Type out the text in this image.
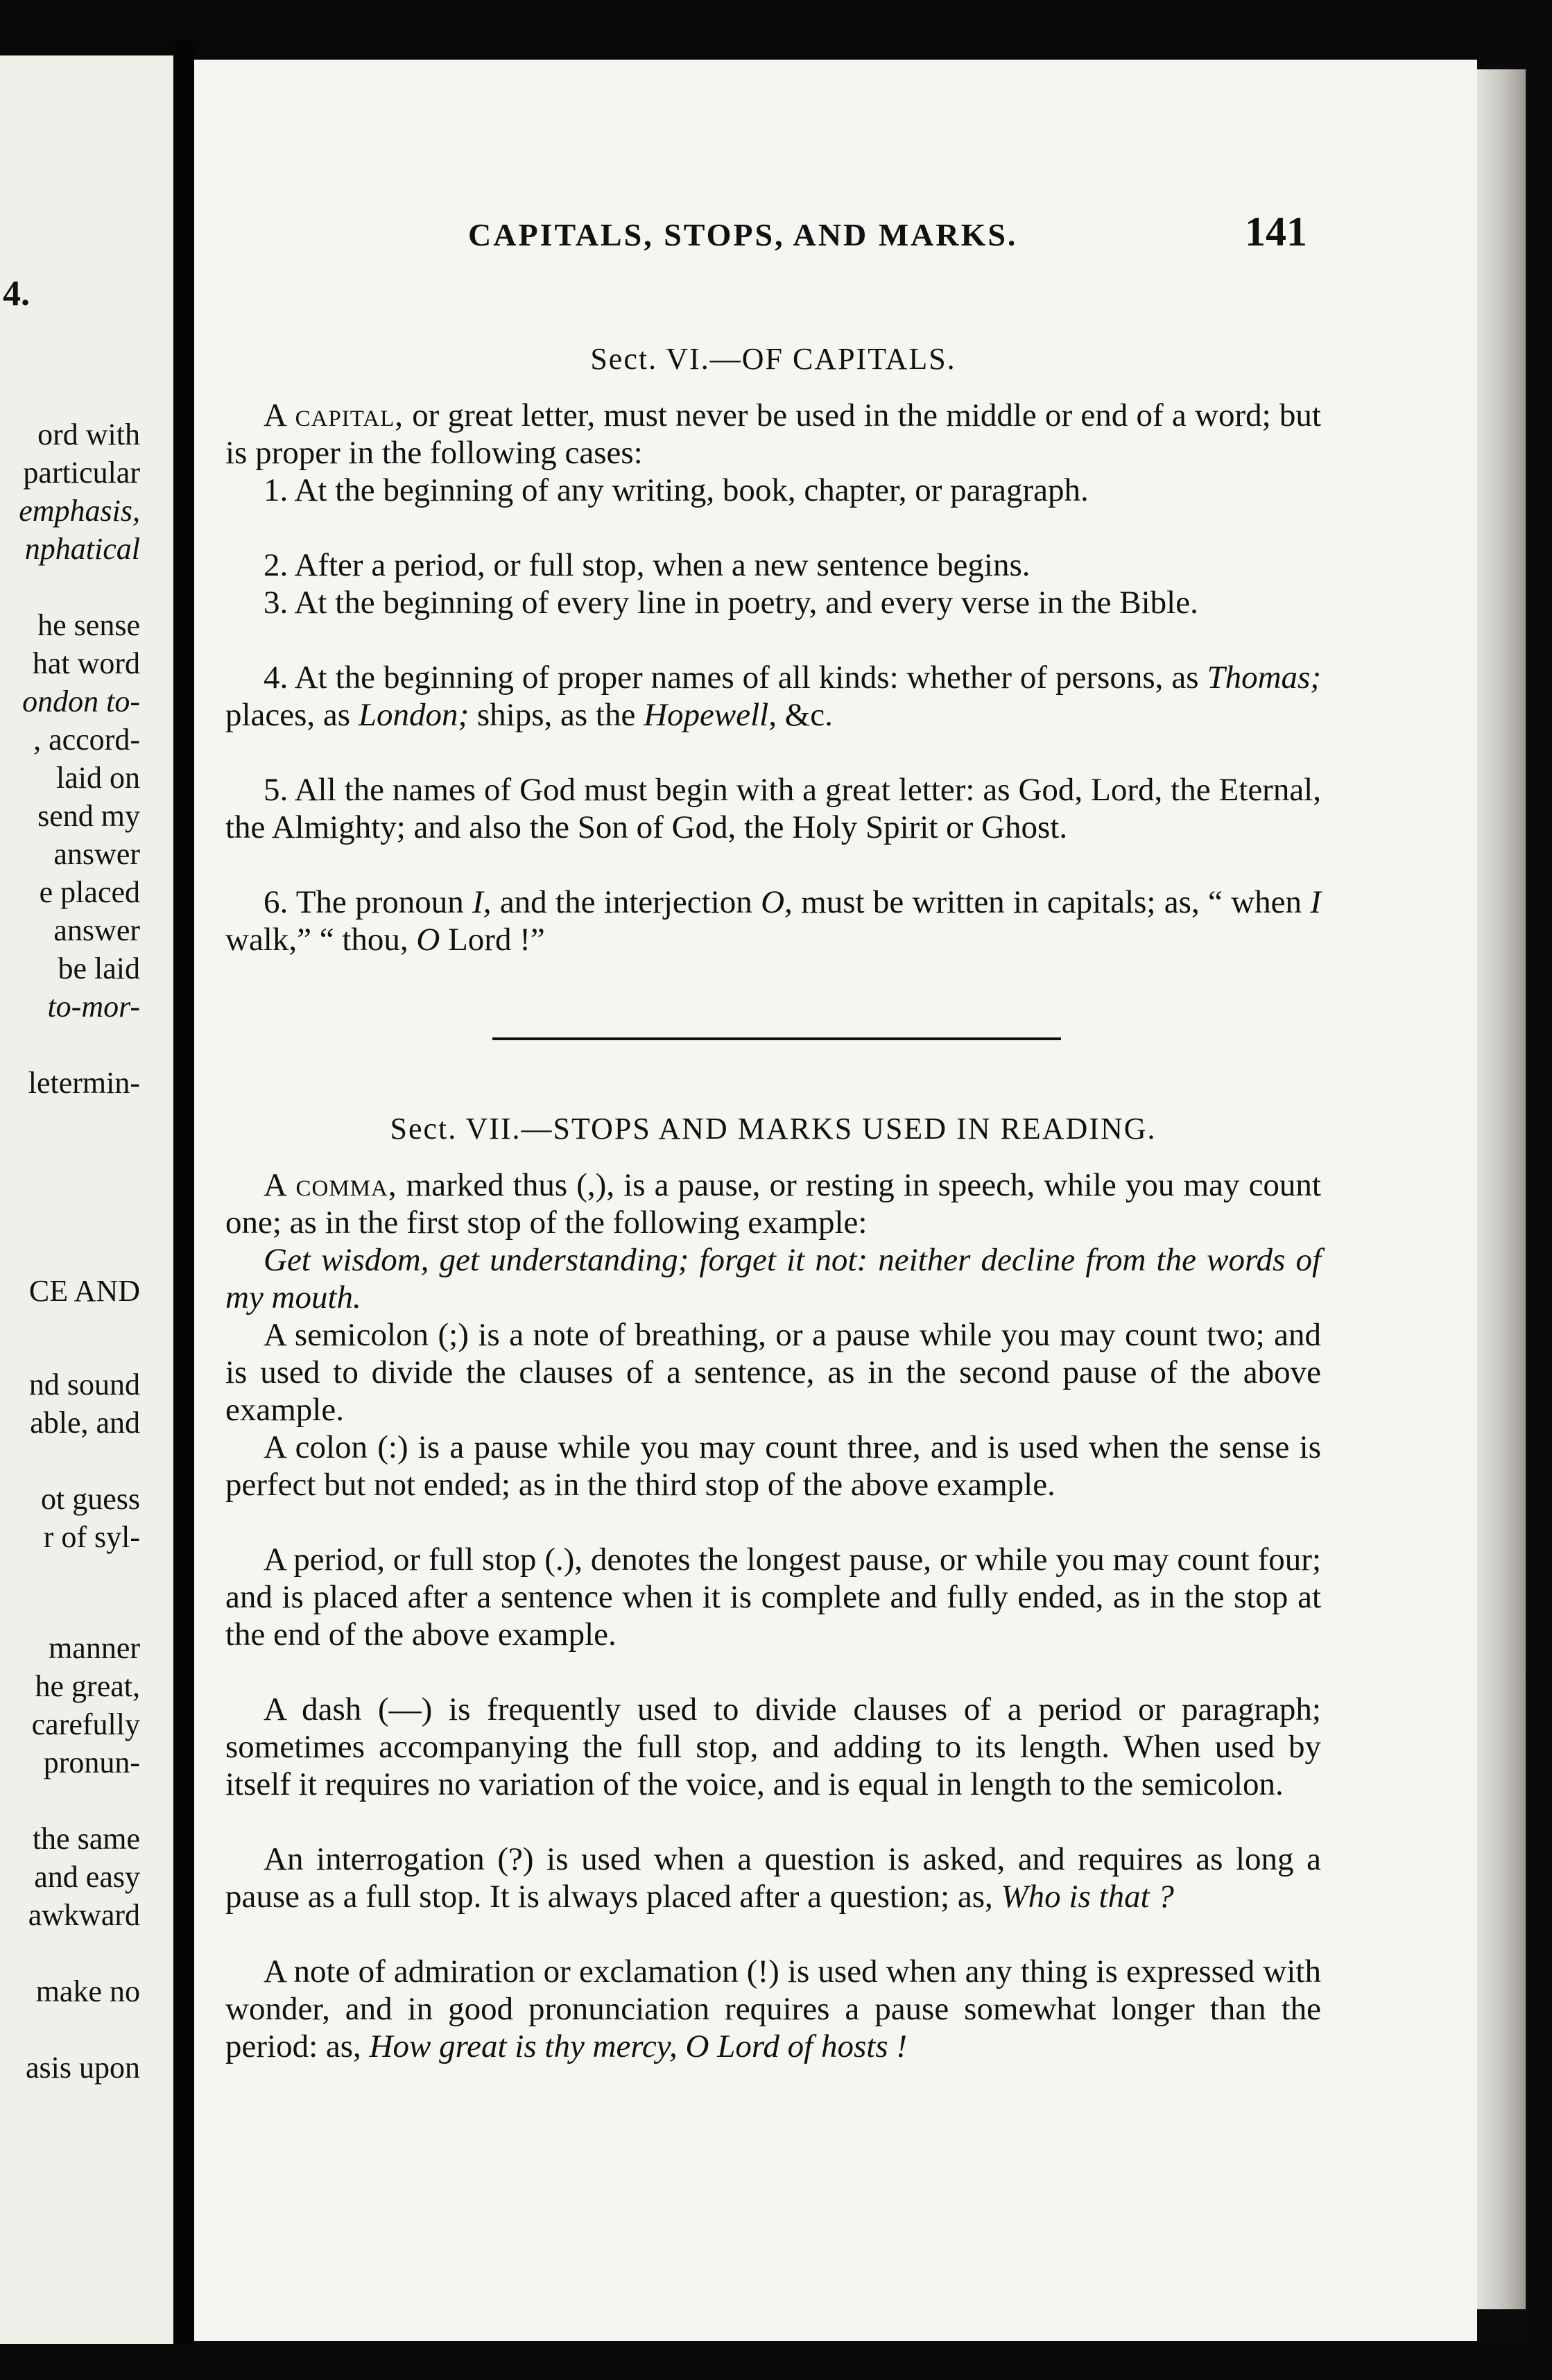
4.
ord with
particular
emphasis,
nphatical
he sense
hat word
ondon to-
, accord-
laid on
send my
answer
e placed
answer
be laid
to-mor-
letermin-
CE AND
nd sound
able, and
ot guess
r of syl-
manner
he great,
carefully
pronun-
the same
and easy
awkward
make no
asis upon
CAPITALS, STOPS, AND MARKS.	141
Sect. VI.—OF CAPITALS.
A capital, or great letter, must never be used in the middle or end of a word; but is proper in the following cases:
1. At the beginning of any writing, book, chapter, or paragraph.
2. After a period, or full stop, when a new sentence begins.
3. At the beginning of every line in poetry, and every verse in the Bible.
4. At the beginning of proper names of all kinds: whether of persons, as Thomas; places, as London; ships, as the Hopewell, &c.
5. All the names of God must begin with a great letter: as God, Lord, the Eternal, the Almighty; and also the Son of God, the Holy Spirit or Ghost.
6. The pronoun I, and the interjection O, must be written in capitals; as, “ when I walk,” “ thou, O Lord !”
Sect. VII.—STOPS AND MARKS USED IN READING.
A comma, marked thus (,), is a pause, or resting in speech, while you may count one; as in the first stop of the following example:
Get wisdom, get understanding; forget it not: neither decline from the words of my mouth.
A semicolon (;) is a note of breathing, or a pause while you may count two; and is used to divide the clauses of a sentence, as in the second pause of the above example.
A colon (:) is a pause while you may count three, and is used when the sense is perfect but not ended; as in the third stop of the above example.
A period, or full stop (.), denotes the longest pause, or while you may count four; and is placed after a sentence when it is complete and fully ended, as in the stop at the end of the above example.
A dash (—) is frequently used to divide clauses of a period or paragraph; sometimes accompanying the full stop, and adding to its length. When used by itself it requires no variation of the voice, and is equal in length to the semicolon.
An interrogation (?) is used when a question is asked, and requires as long a pause as a full stop. It is always placed after a question; as, Who is that ?
A note of admiration or exclamation (!) is used when any thing is expressed with wonder, and in good pronunciation requires a pause somewhat longer than the period: as, How great is thy mercy, O Lord of hosts !
